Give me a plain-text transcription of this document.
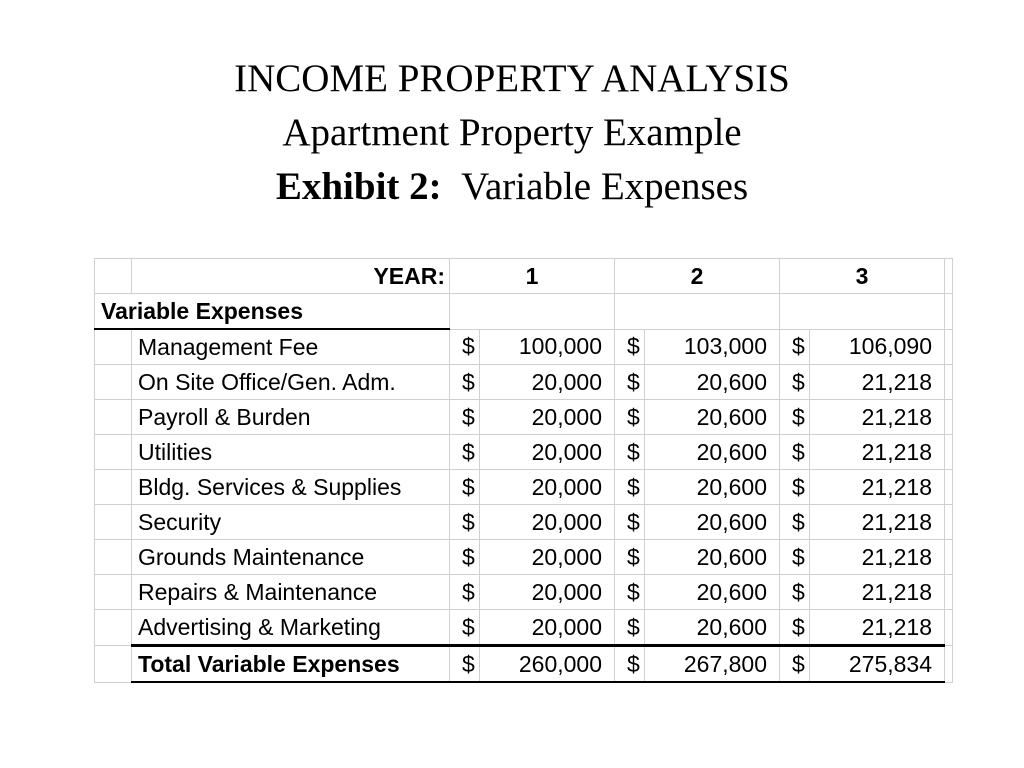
INCOME PROPERTY ANALYSIS
Apartment Property Example
Exhibit 2: Variable Expenses
		YEAR:	1		2		3		
Variable Expenses									
	Management Fee		$	100,000	$	103,000	$	106,090	
	On Site Office/Gen. Adm.		$	20,000	$	20,600	$	21,218	
	Payroll & Burden		$	20,000	$	20,600	$	21,218	
	Utilities		$	20,000	$	20,600	$	21,218	
	Bldg. Services & Supplies		$	20,000	$	20,600	$	21,218	
	Security		$	20,000	$	20,600	$	21,218	
	Grounds Maintenance		$	20,000	$	20,600	$	21,218	
	Repairs & Maintenance		$	20,000	$	20,600	$	21,218	
	Advertising & Marketing		$	20,000	$	20,600	$	21,218	
	Total Variable Expenses		$	260,000	$	267,800	$	275,834	
